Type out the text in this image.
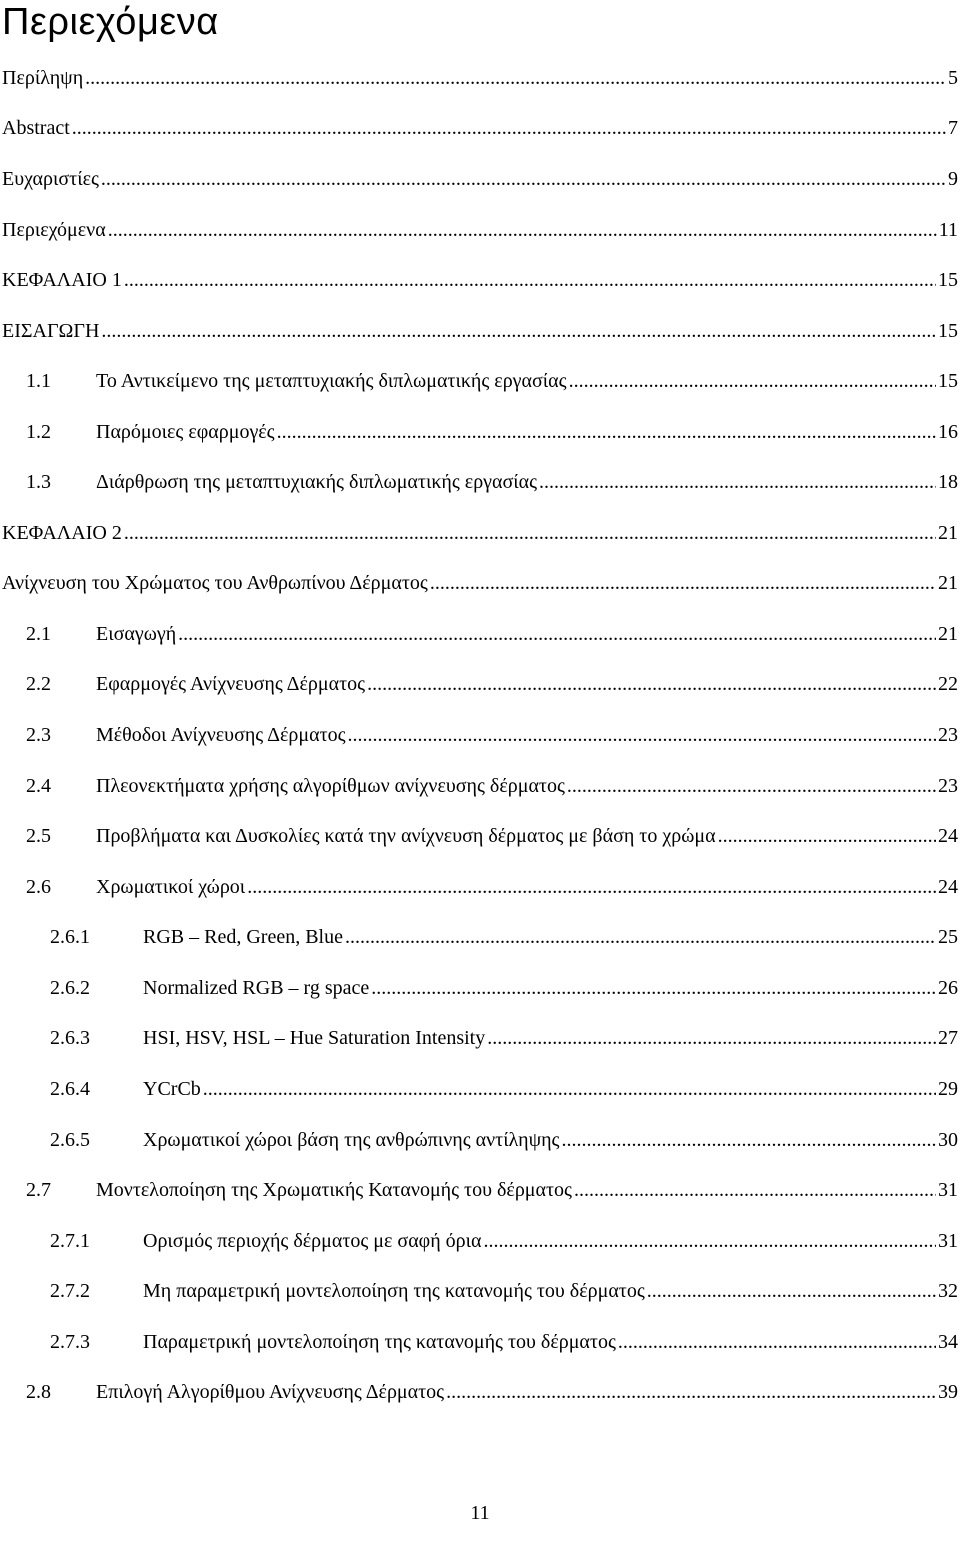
Περιεχόμενα
Περίληψη .....	5
Abstract .....	7
Ευχαριστίες .....	9
Περιεχόμενα .....	11
ΚΕΦΑΛΑΙΟ 1 .....	15
ΕΙΣΑΓΩΓΗ .....	15
1.1	Το Αντικείμενο της μεταπτυχιακής διπλωματικής εργασίας .....	15
1.2	Παρόμοιες εφαρμογές .....	16
1.3	Διάρθρωση της μεταπτυχιακής διπλωματικής εργασίας .....	18
ΚΕΦΑΛΑΙΟ 2 .....	21
Ανίχνευση του Χρώματος του Ανθρωπίνου Δέρματος .....	21
2.1	Εισαγωγή .....	21
2.2	Εφαρμογές Ανίχνευσης Δέρματος .....	22
2.3	Μέθοδοι Ανίχνευσης Δέρματος .....	23
2.4	Πλεονεκτήματα χρήσης αλγορίθμων ανίχνευσης δέρματος .....	23
2.5	Προβλήματα και Δυσκολίες κατά την ανίχνευση δέρματος με βάση το χρώμα .....	24
2.6	Χρωματικοί χώροι .....	24
2.6.1	RGB – Red, Green, Blue .....	25
2.6.2	Normalized RGB – rg space .....	26
2.6.3	HSI, HSV, HSL – Hue Saturation Intensity .....	27
2.6.4	YCrCb .....	29
2.6.5	Χρωματικοί χώροι βάση της ανθρώπινης αντίληψης .....	30
2.7	Μοντελοποίηση της Χρωματικής Κατανομής του δέρματος .....	31
2.7.1	Ορισμός περιοχής δέρματος με σαφή όρια .....	31
2.7.2	Μη παραμετρική μοντελοποίηση της κατανομής του δέρματος .....	32
2.7.3	Παραμετρική μοντελοποίηση της κατανομής του δέρματος .....	34
2.8	Επιλογή Αλγορίθμου Ανίχνευσης Δέρματος .....	39
11
